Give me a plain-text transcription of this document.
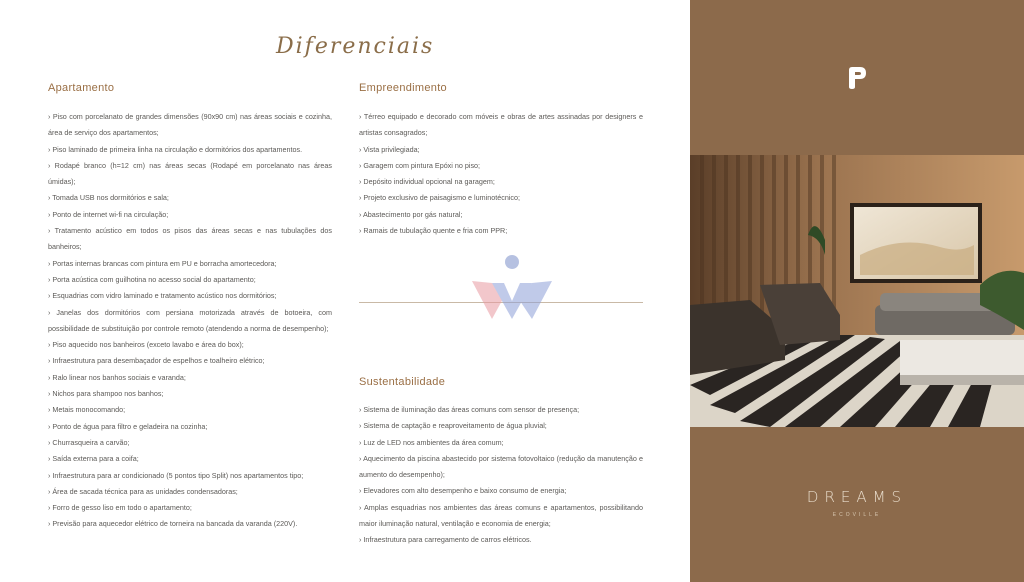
Diferenciais
Apartamento
› Piso com porcelanato de grandes dimensões (90x90 cm) nas áreas sociais e cozinha, área de serviço dos apartamentos;
› Piso laminado de primeira linha na circulação e dormitórios dos apartamentos.
› Rodapé branco (h=12 cm) nas áreas secas (Rodapé em porcelanato nas áreas úmidas);
› Tomada USB nos dormitórios e sala;
› Ponto de internet wi-fi na circulação;
› Tratamento acústico em todos os pisos das áreas secas e nas tubulações dos banheiros;
› Portas internas brancas com pintura em PU e borracha amortecedora;
› Porta acústica com guilhotina no acesso social do apartamento;
› Esquadrias com vidro laminado e tratamento acústico nos dormitórios;
› Janelas dos dormitórios com persiana motorizada através de botoeira, com possibilidade de substituição por controle remoto (atendendo a norma de desempenho);
› Piso aquecido nos banheiros (exceto lavabo e área do box);
› Infraestrutura para desembaçador de espelhos e toalheiro elétrico;
› Ralo linear nos banhos sociais e varanda;
› Nichos para shampoo nos banhos;
› Metais monocomando;
› Ponto de água para filtro e geladeira na cozinha;
› Churrasqueira a carvão;
› Saída externa para a coifa;
› Infraestrutura para ar condicionado (5 pontos tipo Split) nos apartamentos tipo;
› Área de sacada técnica para as unidades condensadoras;
› Forro de gesso liso em todo o apartamento;
› Previsão para aquecedor elétrico de torneira na bancada da varanda (220V).
Empreendimento
› Térreo equipado e decorado com móveis e obras de artes assinadas por designers e artistas consagrados;
› Vista privilegiada;
› Garagem com pintura Epóxi no piso;
› Depósito individual opcional na garagem;
› Projeto exclusivo de paisagismo e luminotécnico;
› Abastecimento por gás natural;
› Ramais de tubulação quente e fria com PPR;
Sustentabilidade
› Sistema de iluminação das áreas comuns com sensor de presença;
› Sistema de captação e reaproveitamento de água pluvial;
› Luz de LED nos ambientes da área comum;
› Aquecimento da piscina abastecido por sistema fotovoltaico (redução da manutenção e aumento do desempenho);
› Elevadores com alto desempenho e baixo consumo de energia;
› Amplas esquadrias nos ambientes das áreas comuns e apartamentos, possibilitando maior iluminação natural, ventilação e economia de energia;
› Infraestrutura para carregamento de carros elétricos.
DREAMS
ECOVILLE
